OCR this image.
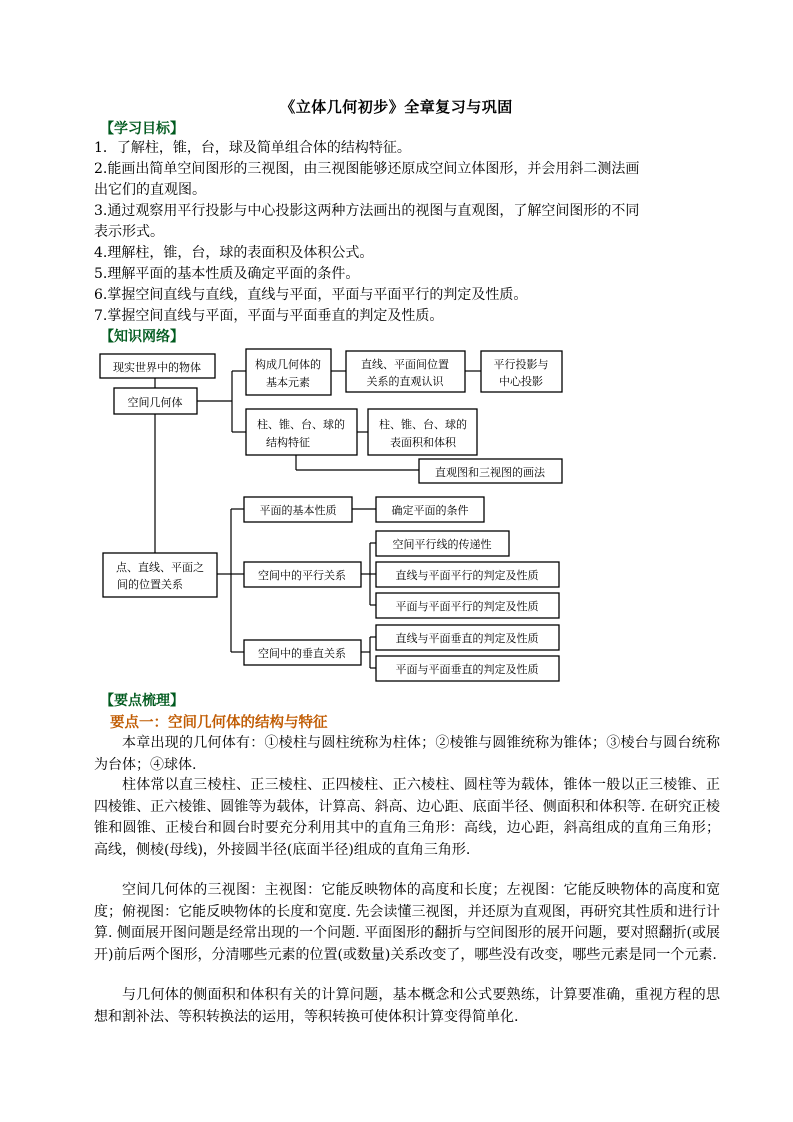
《立体几何初步》全章复习与巩固
【学习目标】
1．了解柱，锥，台，球及简单组合体的结构特征。
2.能画出简单空间图形的三视图，由三视图能够还原成空间立体图形，并会用斜二测法画
出它们的直观图。
3.通过观察用平行投影与中心投影这两种方法画出的视图与直观图，了解空间图形的不同
表示形式。
4.理解柱，锥，台，球的表面积及体积公式。
5.理解平面的基本性质及确定平面的条件。
6.掌握空间直线与直线，直线与平面，平面与平面平行的判定及性质。
7.掌握空间直线与平面，平面与平面垂直的判定及性质。
【知识网络】
现实世界中的物体
空间几何体
构成几何体的
基本元素
直线、平面间位置
关系的直观认识
平行投影与
中心投影
柱、锥、台、球的
结构特征
柱、锥、台、球的
表面积和体积
直观图和三视图的画法
点、直线、平面之
间的位置关系
平面的基本性质	确定平面的条件
空间中的平行关系
空间平行线的传递性
直线与平面平行的判定及性质
平面与平面平行的判定及性质
空间中的垂直关系
直线与平面垂直的判定及性质
平面与平面垂直的判定及性质
【要点梳理】
要点一：空间几何体的结构与特征
本章出现的几何体有：①棱柱与圆柱统称为柱体；②棱锥与圆锥统称为锥体；③棱台与圆台统称为台体；④球体.
柱体常以直三棱柱、正三棱柱、正四棱柱、正六棱柱、圆柱等为载体，锥体一般以正三棱锥、正四棱锥、正六棱锥、圆锥等为载体，计算高、斜高、边心距、底面半径、侧面积和体积等. 在研究正棱锥和圆锥、正棱台和圆台时要充分利用其中的直角三角形：高线，边心距，斜高组成的直角三角形；高线，侧棱(母线)，外接圆半径(底面半径)组成的直角三角形.
空间几何体的三视图：主视图：它能反映物体的高度和长度；左视图：它能反映物体的高度和宽度；俯视图：它能反映物体的长度和宽度. 先会读懂三视图，并还原为直观图，再研究其性质和进行计算. 侧面展开图问题是经常出现的一个问题. 平面图形的翻折与空间图形的展开问题，要对照翻折(或展开)前后两个图形，分清哪些元素的位置(或数量)关系改变了，哪些没有改变，哪些元素是同一个元素.
与几何体的侧面积和体积有关的计算问题，基本概念和公式要熟练，计算要准确，重视方程的思想和割补法、等积转换法的运用，等积转换可使体积计算变得简单化.
